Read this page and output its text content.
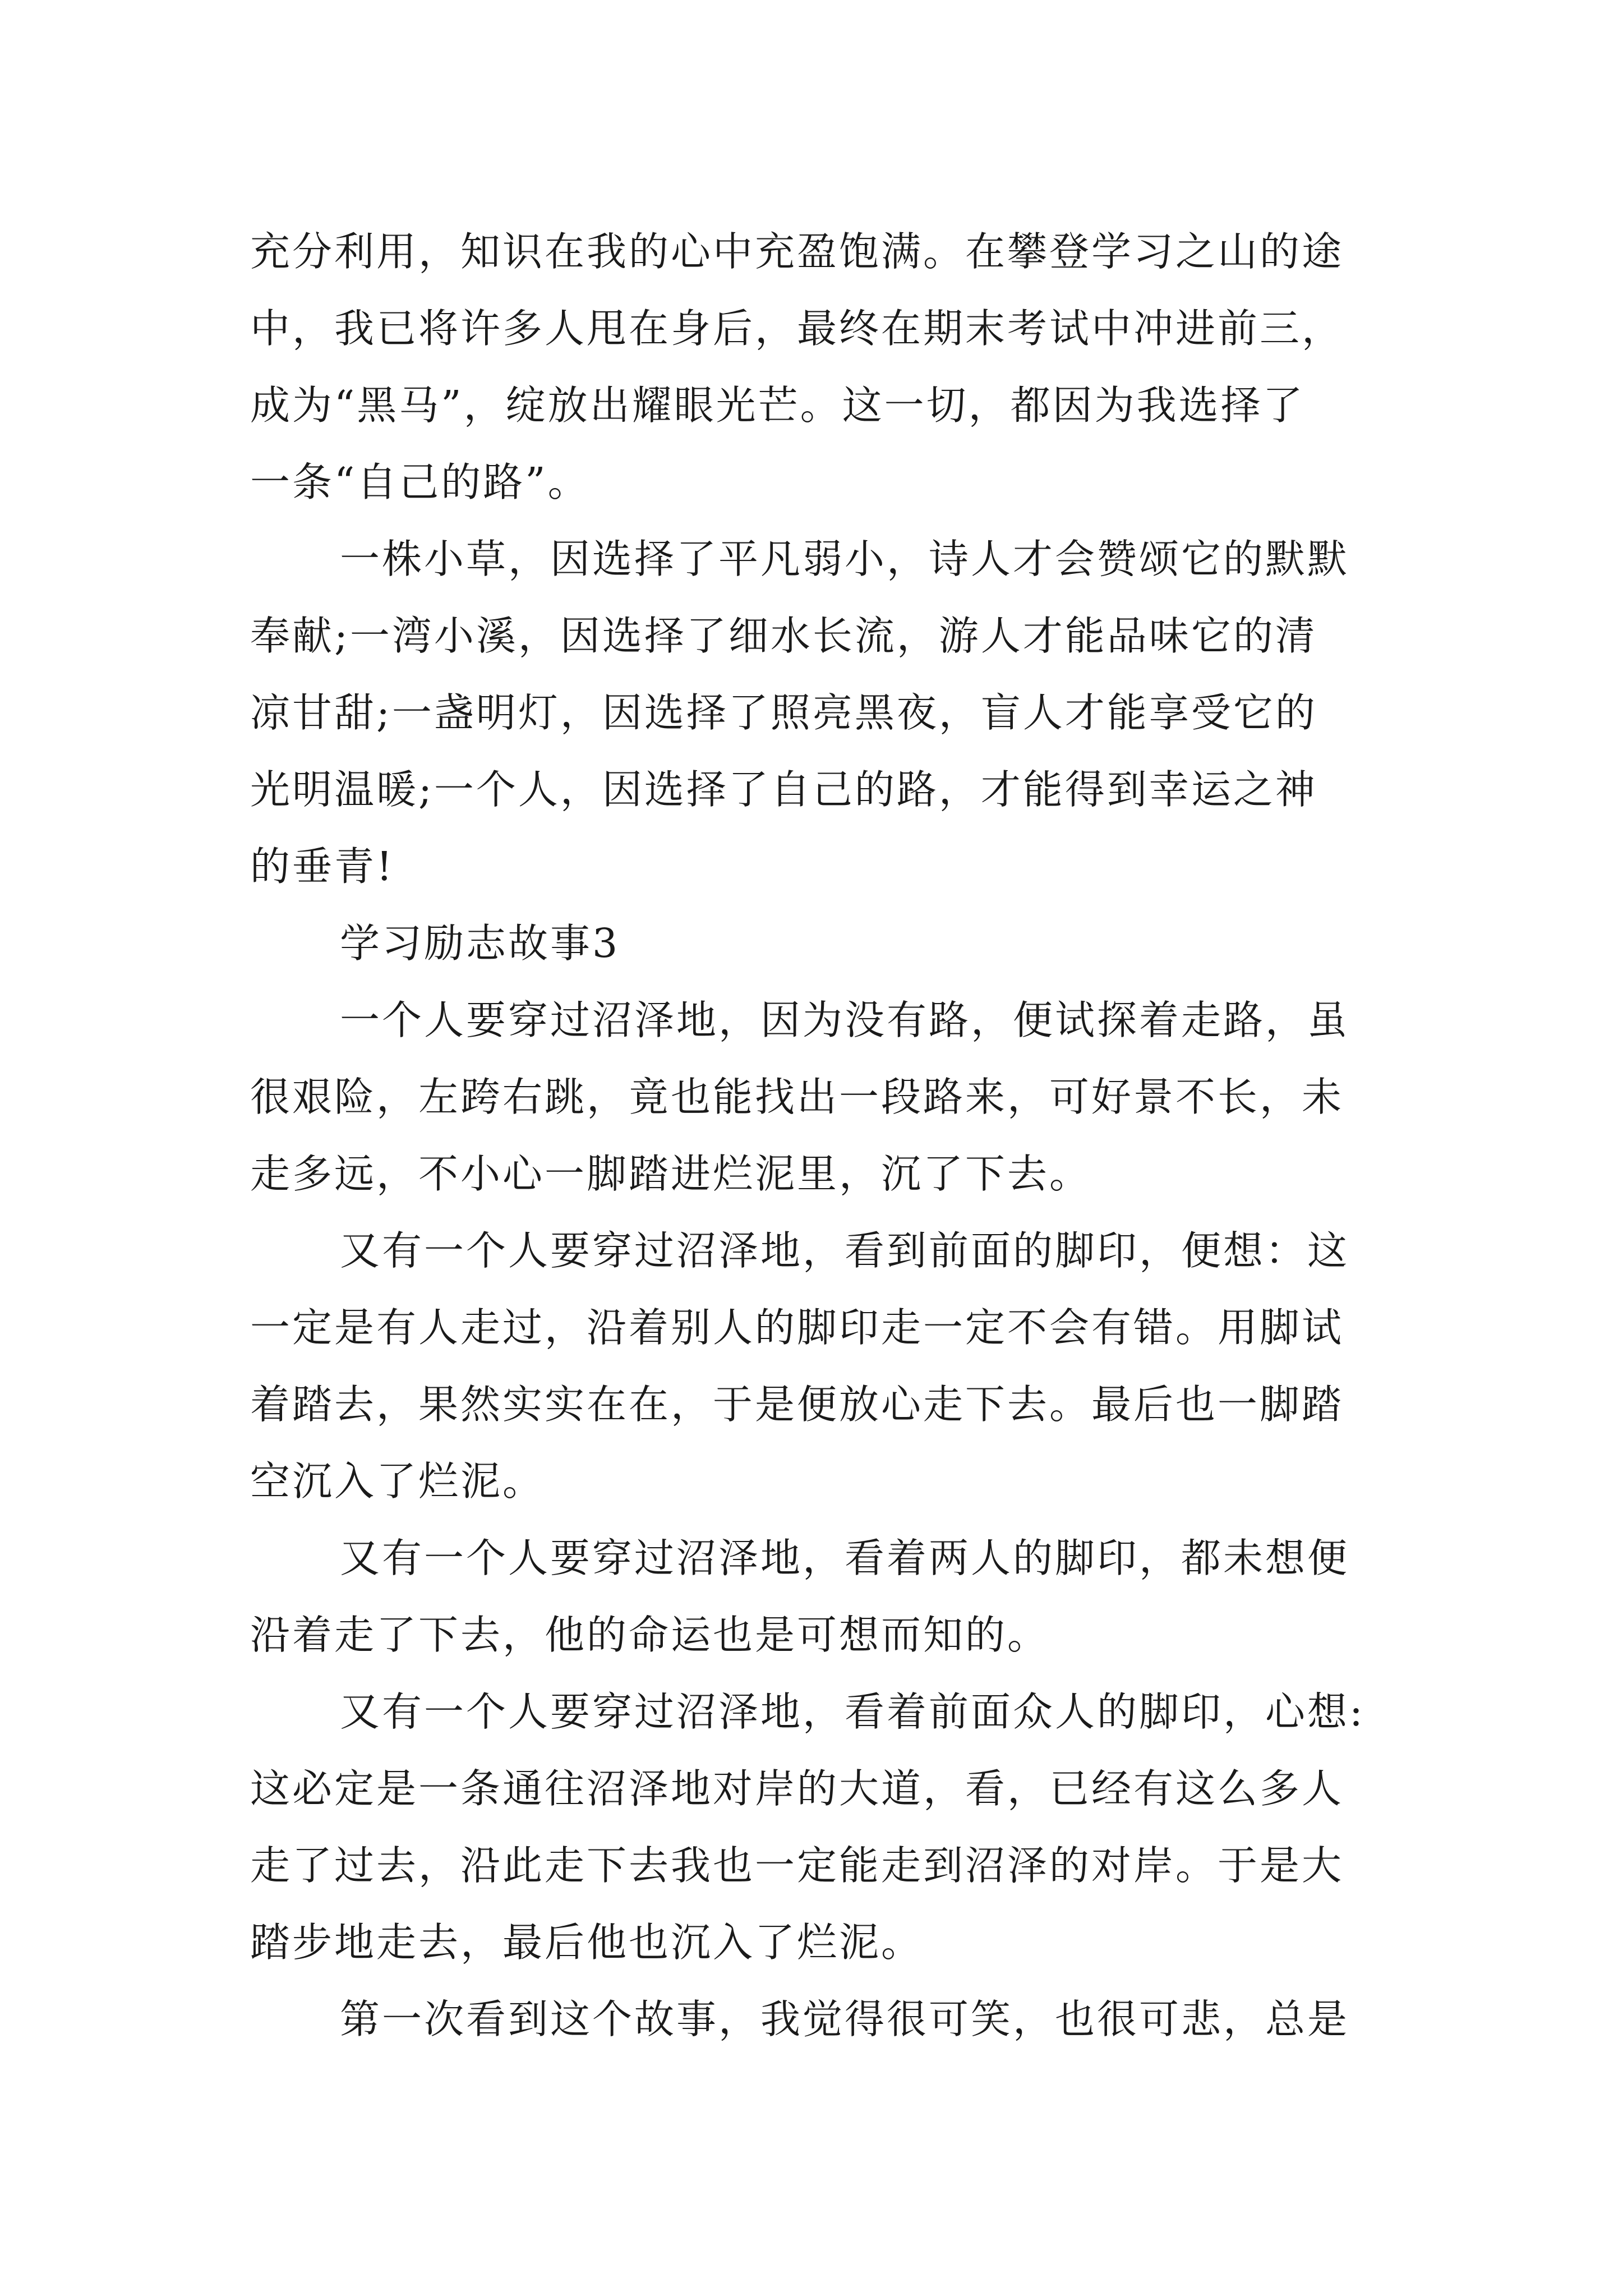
充分利用，知识在我的心中充盈饱满。在攀登学习之山的途

中，我已将许多人甩在身后，最终在期末考试中冲进前三，

成为“黑马”，绽放出耀眼光芒。这一切，都因为我选择了

一条“自己的路”。

一株小草，因选择了平凡弱小，诗人才会赞颂它的默默

奉献;一湾小溪，因选择了细水长流，游人才能品味它的清

凉甘甜;一盏明灯，因选择了照亮黑夜，盲人才能享受它的

光明温暖;一个人，因选择了自己的路，才能得到幸运之神

的垂青!

学习励志故事3

一个人要穿过沼泽地，因为没有路，便试探着走路，虽

很艰险，左跨右跳，竟也能找出一段路来，可好景不长，未

走多远，不小心一脚踏进烂泥里，沉了下去。

又有一个人要穿过沼泽地，看到前面的脚印，便想：这

一定是有人走过，沿着别人的脚印走一定不会有错。用脚试

着踏去，果然实实在在，于是便放心走下去。最后也一脚踏

空沉入了烂泥。

又有一个人要穿过沼泽地，看着两人的脚印，都未想便

沿着走了下去，他的命运也是可想而知的。

又有一个人要穿过沼泽地，看着前面众人的脚印，心想:

这必定是一条通往沼泽地对岸的大道，看，已经有这么多人

走了过去，沿此走下去我也一定能走到沼泽的对岸。于是大

踏步地走去，最后他也沉入了烂泥。

第一次看到这个故事，我觉得很可笑，也很可悲，总是
